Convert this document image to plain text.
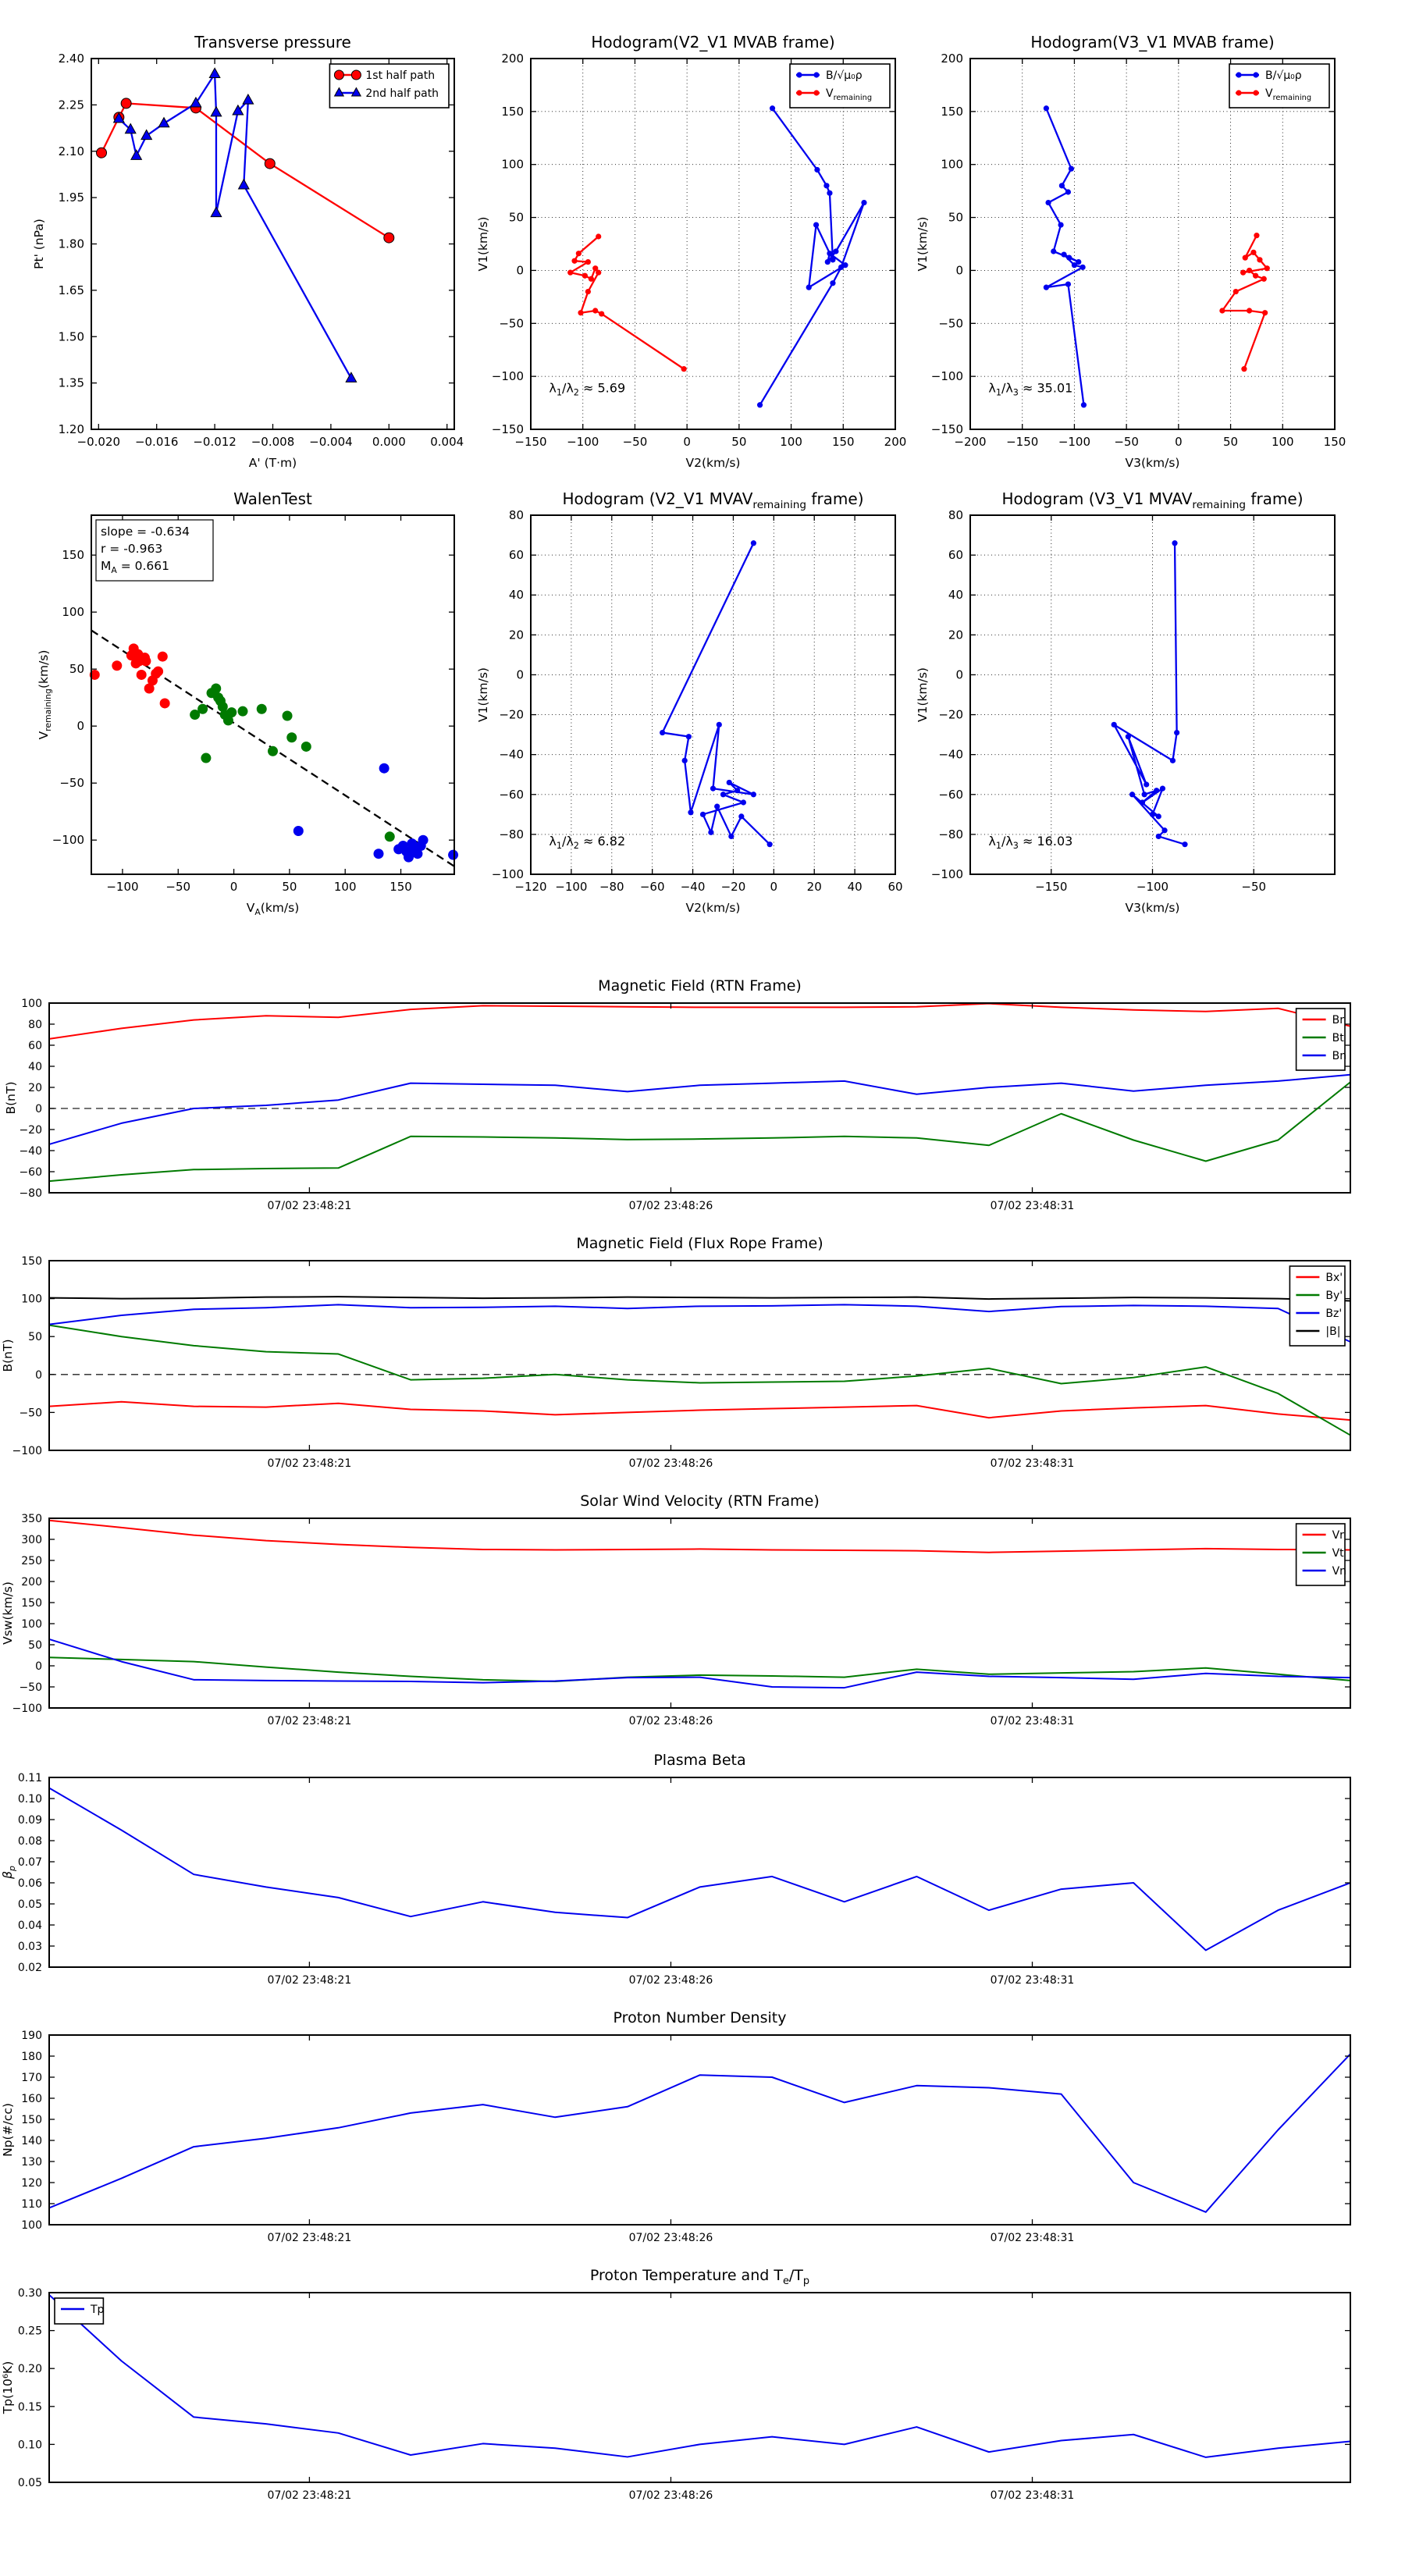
Transverse pressure	Hodogram(V2_V1 MVAB frame)	Hodogram(V3_V1 MVAB frame)
WalenTest	Hodogram (V2_V1 $MVAV_{remaining}$ frame)	Hodogram (V3_V1 $MVAV_{remaining}$ frame)
Magnetic Field (RTN Frame)
Magnetic Field (Flux Rope Frame)
Solar Wind Velocity (RTN Frame)
Plasma Beta
Proton Number Density
Proton Temperature and $T_e/T_p$
−0.020 −0.016 −0.012 −0.008 −0.004 0.000 0.004
1.20
1.35
1.50
1.65
1.80
1.95
2.10
2.25
2.40
A' (T·m)
Pt' (nPa)
1st half path
2nd half path
−150 −100 −50	0	50	100	150	200
−150
−100
−50
0
50
100
150
200
V2(km/s)
V1(km/s)
$\lambda_1/\lambda_2 \approx 5.69$
B/√μ₀ρ
$V_{remaining}$
−200 −150 −100 −50	0	50	100	150
−150
−100
−50
0
50
100
150
200
V3(km/s)
V1(km/s)
$\lambda_1/\lambda_3 \approx 35.01$
B/√μ₀ρ
$V_{remaining}$
−100 −50	0	50	100	150
−100
−50
0
50
100
150
$V_A(km/s)$
$V_{remaining}(km/s)$
slope = -0.634
r = -0.963
$M_A = 0.661$
−120 −100 −80 −60 −40 −20 0	20 40 60
−100
−80
−60
−40
−20
0
20
40
60
80
V2(km/s)
V1(km/s)
$\lambda_1/\lambda_2 \approx 6.82$
−150	−100	−50
−100
−80
−60
−40
−20
0
20
40
60
80
V3(km/s)
V1(km/s)
$\lambda_1/\lambda_3 \approx 16.03$
07/02 23:48:21	07/02 23:48:26	07/02 23:48:31
−80
−60
−40
−20
0
20
40
60
80
100
B(nT)
Br
Bt
Bn
07/02 23:48:21	07/02 23:48:26	07/02 23:48:31
−100
−50
0
50
100
150
B(nT)
Bx'
By'
Bz'
|B|
07/02 23:48:21	07/02 23:48:26	07/02 23:48:31
−100
−50
0
50
100
150
200
250
300
350
Vsw(km/s)
Vr
Vt
Vn
07/02 23:48:21	07/02 23:48:26	07/02 23:48:31
0.02
0.03
0.04
0.05
0.06
0.07
0.08
0.09
0.10
0.11
$\beta_p$
07/02 23:48:21	07/02 23:48:26	07/02 23:48:31
100
110
120
130
140
150
160
170
180
190
Np(#/cc)
07/02 23:48:21	07/02 23:48:26	07/02 23:48:31
0.05
0.10
0.15
0.20
0.25
0.30
Tp(10⁶K)
Tp
